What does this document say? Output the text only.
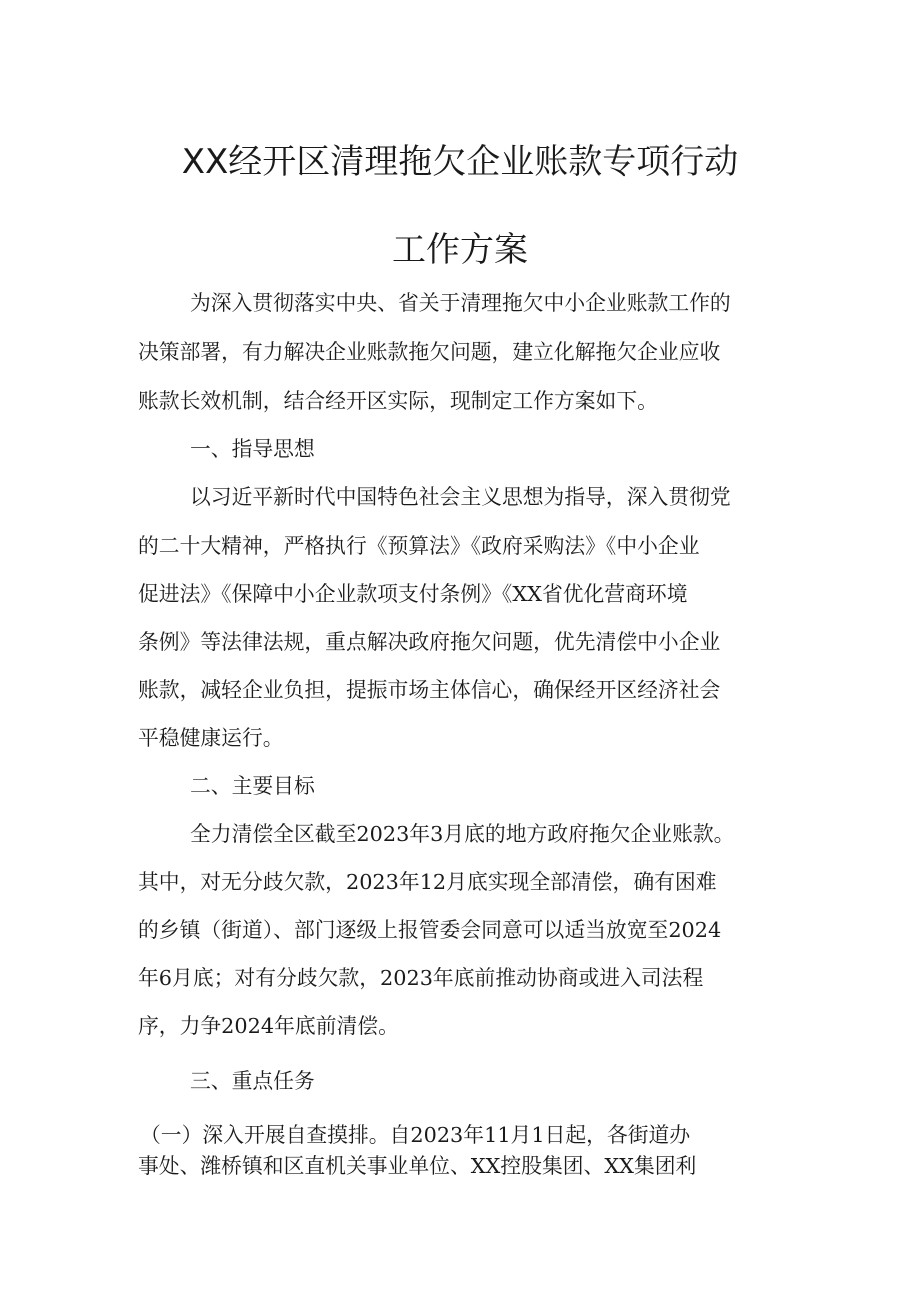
XX经开区清理拖欠企业账款专项行动
工作方案

为深入贯彻落实中央、省关于清理拖欠中小企业账款工作的

决策部署，有力解决企业账款拖欠问题，建立化解拖欠企业应收

账款长效机制，结合经开区实际，现制定工作方案如下。

一、指导思想

以习近平新时代中国特色社会主义思想为指导，深入贯彻党

的二十大精神，严格执行《预算法》《政府采购法》《中小企业

促进法》《保障中小企业款项支付条例》《XX省优化营商环境

条例》等法律法规，重点解决政府拖欠问题，优先清偿中小企业

账款，减轻企业负担，提振市场主体信心，确保经开区经济社会

平稳健康运行。

二、主要目标

全力清偿全区截至2023年3月底的地方政府拖欠企业账款。

其中，对无分歧欠款，2023年12月底实现全部清偿，确有困难

的乡镇（街道）、部门逐级上报管委会同意可以适当放宽至2024

年6月底；对有分歧欠款，2023年底前推动协商或进入司法程

序，力争2024年底前清偿。

三、重点任务

（一）深入开展自查摸排。自2023年11月1日起，各街道办

事处、潍桥镇和区直机关事业单位、XX控股集团、XX集团利
